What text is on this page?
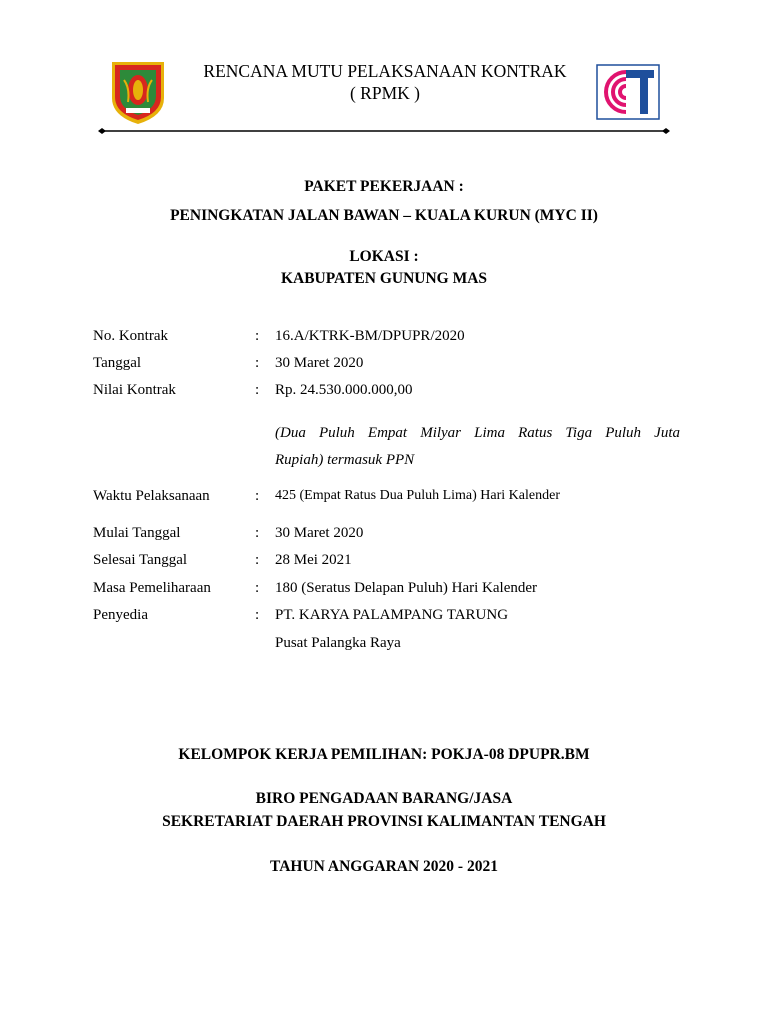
RENCANA MUTU PELAKSANAAN KONTRAK
( RPMK )
PAKET PEKERJAAN :
PENINGKATAN JALAN BAWAN – KUALA KURUN (MYC II)
LOKASI :
KABUPATEN GUNUNG MAS
No. Kontrak	: 16.A/KTRK-BM/DPUPR/2020
Tanggal	: 30 Maret 2020
Nilai Kontrak	: Rp. 24.530.000.000,00
(Dua Puluh Empat Milyar Lima Ratus Tiga Puluh Juta
Rupiah) termasuk PPN
Waktu Pelaksanaan	: 425 (Empat Ratus Dua Puluh Lima) Hari Kalender
Mulai Tanggal	: 30 Maret 2020
Selesai Tanggal	: 28 Mei 2021
Masa Pemeliharaan	: 180 (Seratus Delapan Puluh) Hari Kalender
Penyedia	: PT. KARYA PALAMPANG TARUNG
Pusat Palangka Raya
KELOMPOK KERJA PEMILIHAN: POKJA-08 DPUPR.BM
BIRO PENGADAAN BARANG/JASA
SEKRETARIAT DAERAH PROVINSI KALIMANTAN TENGAH
TAHUN ANGGARAN 2020 - 2021
